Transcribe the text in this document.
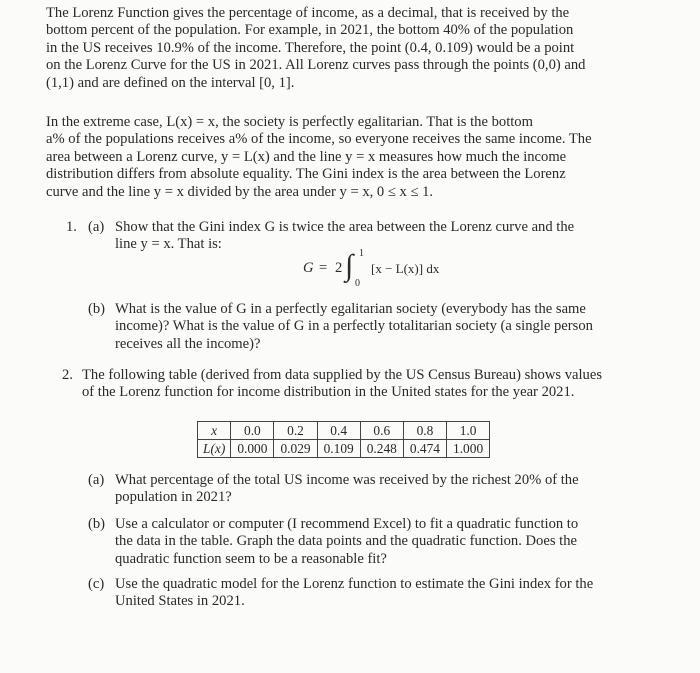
The Lorenz Function gives the percentage of income, as a decimal, that is received by the
bottom percent of the population. For example, in 2021, the bottom 40% of the population
in the US receives 10.9% of the income. Therefore, the point (0.4, 0.109) would be a point
on the Lorenz Curve for the US in 2021. All Lorenz curves pass through the points (0,0) and
(1,1) and are defined on the interval [0, 1].
In the extreme case, L(x) = x, the society is perfectly egalitarian. That is the bottom
a% of the populations receives a% of the income, so everyone receives the same income. The
area between a Lorenz curve, y = L(x) and the line y = x measures how much the income
distribution differs from absolute equality. The Gini index is the area between the Lorenz
curve and the line y = x divided by the area under y = x, 0 ≤ x ≤ 1.
1. (a) Show that the Gini index G is twice the area between the Lorenz curve and the
line y = x. That is:
G = 2 ∫ 1
0
[x − L(x)] dx
(b) What is the value of G in a perfectly egalitarian society (everybody has the same
income)? What is the value of G in a perfectly totalitarian society (a single person
receives all the income)?
2. The following table (derived from data supplied by the US Census Bureau) shows values
of the Lorenz function for income distribution in the United states for the year 2021.
x	0.0	0.2	0.4	0.6	0.8	1.0
L(x)	0.000	0.029	0.109	0.248	0.474	1.000
(a) What percentage of the total US income was received by the richest 20% of the
population in 2021?
(b) Use a calculator or computer (I recommend Excel) to fit a quadratic function to
the data in the table. Graph the data points and the quadratic function. Does the
quadratic function seem to be a reasonable fit?
(c) Use the quadratic model for the Lorenz function to estimate the Gini index for the
United States in 2021.
